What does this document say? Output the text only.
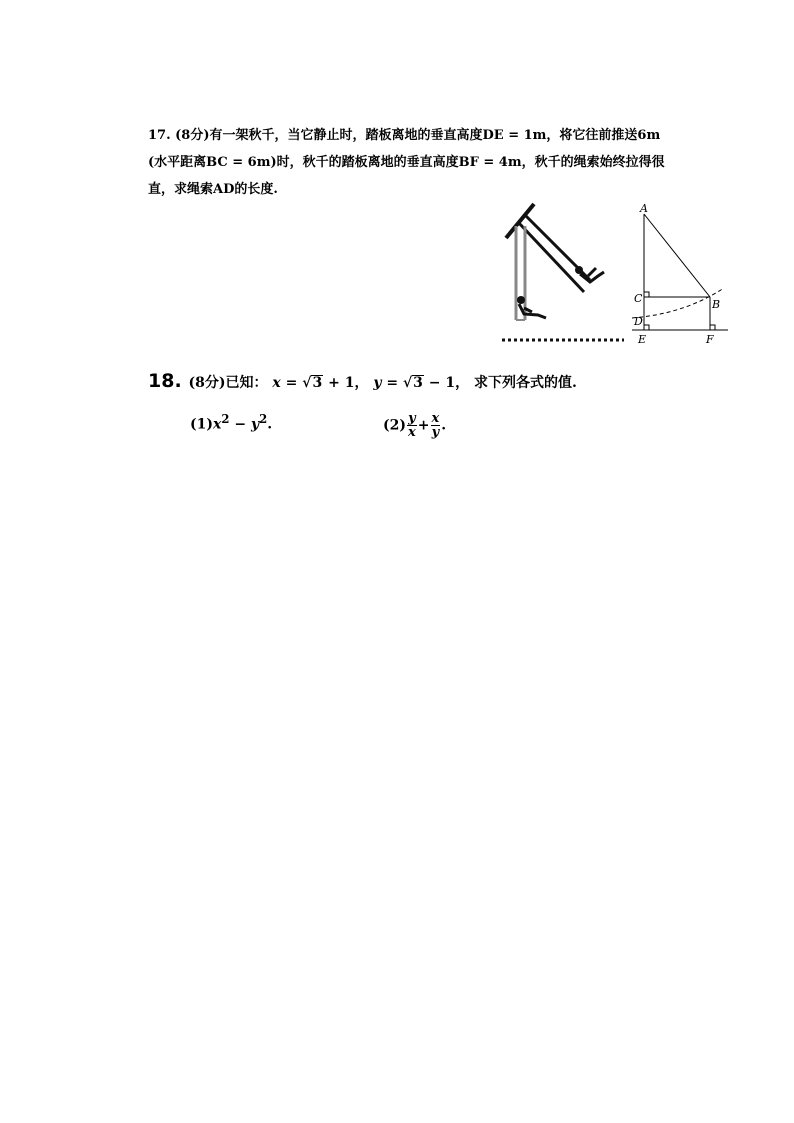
17. (8分)有一架秋千，当它静止时，踏板离地的垂直高度DE = 1m，将它往前推送6m
(水平距离BC = 6m)时，秋千的踏板离地的垂直高度BF = 4m，秋千的绳索始终拉得很
直，求绳索AD的长度.
A
B
C
D
E	F
18. (8分)已知： x = √3 + 1， y = √3 − 1， 求下列各式的值.
$(1)x^2 - y^2$.	$(2) \frac{y}{x} + \frac{x}{y}$ .
